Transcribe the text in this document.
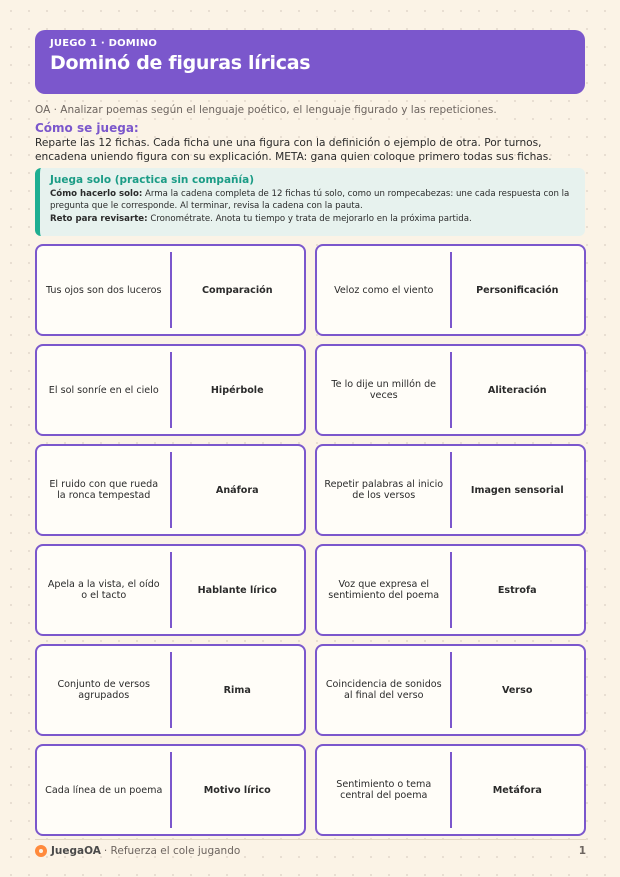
JUEGO 1 · DOMINO
Dominó de figuras líricas
OA · Analizar poemas según el lenguaje poético, el lenguaje figurado y las repeticiones.
Cómo se juega:
Reparte las 12 fichas. Cada ficha une una figura con la definición o ejemplo de otra. Por turnos, encadena uniendo figura con su explicación. META: gana quien coloque primero todas sus fichas.
Juega solo (practica sin compañía)
Cómo hacerlo solo: Arma la cadena completa de 12 fichas tú solo, como un rompecabezas: une cada respuesta con la pregunta que le corresponde. Al terminar, revisa la cadena con la pauta.
Reto para revisarte: Cronométrate. Anota tu tiempo y trata de mejorarlo en la próxima partida.
Tus ojos son dos luceros	Comparación	Veloz como el viento	Personificación
El sol sonríe en el cielo	Hipérbole	Te lo dije un millón de veces	Aliteración
El ruido con que rueda la ronca tempestad	Anáfora	Repetir palabras al inicio de los versos	Imagen sensorial
Apela a la vista, el oído o el tacto	Hablante lírico	Voz que expresa el sentimiento del poema	Estrofa
Conjunto de versos agrupados	Rima	Coincidencia de sonidos al final del verso	Verso
Cada línea de un poema	Motivo lírico	Sentimiento o tema central del poema	Metáfora
JuegaOA · Refuerza el cole jugando	1
